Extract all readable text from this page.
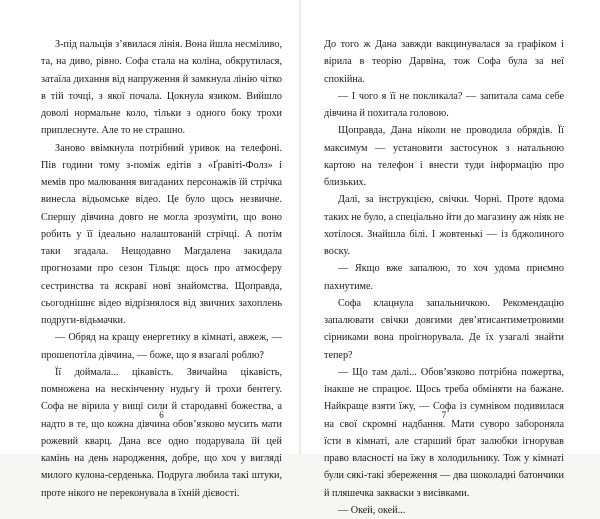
З-під пальців з’явилася лінія. Вона йшла несміливо, та, на диво, рівно. Софа стала на коліна, обкрутилася, затаїла дихання від напруження й замкнула лінію чітко в тій точці, з якої почала. Цокнула язиком. Вийшло доволі нормальне коло, тільки з одного боку трохи приплеснуте. Але то не страшно.

Заново ввімкнула потрібний уривок на телефоні. Пів години тому з-поміж едітів з «Ґравіті-Фолз» і мемів про малювання вигаданих персонажів їй стрічка винесла відьомське відео. Це було щось незвичне. Спершу дівчина довго не могла зрозуміти, що воно робить у її ідеально налаштованій стрічці. А потім таки згадала. Нещодавно Магдалена закидала прогнозами про сезон Тільця: щось про атмосферу сестринства та яскраві нові знайомства. Щоправда, сьогоднішнє відео відрізнялося від звичних захоплень подруги-відьмачки.

— Обряд на кращу енергетику в кімнаті, авжеж, — прошепотіла дівчина, — боже, що я взагалі роблю?

Її доймала... цікавість. Звичайна цікавість, помножена на нескінченну нудьгу й трохи бентегу. Софа не вірила у вищі сили й стародавні божества, а надто в те, що кожна дівчина обов’язково мусить мати рожевий кварц. Дана все одно подарувала їй цей камінь на день народження, добре, що хоч у вигляді милого кулона-серденька. Подруга любила такі штуки, проте нікого не переконувала в їхній дієвості.

6

До того ж Дана завжди вакцинувалася за графіком і вірила в теорію Дарвіна, тож Софа була за неї спокійна.

— І чого я її не покликала? — запитала сама себе дівчина й похитала головою.

Щоправда, Дана ніколи не проводила обрядів. Її максимум — установити застосунок з натальною картою на телефон і внести туди інформацію про близьких.

Далі, за інструкцією, свічки. Чорні. Проте вдома таких не було, а спеціально йти до магазину аж ніяк не хотілося. Знайшла білі. І жовтенькі — із бджолиного воску.

— Якщо вже запалюю, то хоч удома приємно пахнутиме.

Софа клацнула запальничкою. Рекомендацію запалювати свічки довгими дев’ятисантиметровими сірниками вона проігнорувала. Де їх узагалі знайти тепер?

— Що там далі... Обов’язково потрібна пожертва, інакше не спрацює. Щось треба обміняти на бажане. Найкраще взяти їжу, — Софа із сумнівом подивилася на свої скромні надбання. Мати суворо забороняла їсти в кімнаті, але старший брат залюбки ігнорував право власності на їжу в холодильнику. Тож у кімнаті були сякі-такі збереження — два шоколадні батончики й пляшечка закваски з висівками.

— Окей, окей...

7
